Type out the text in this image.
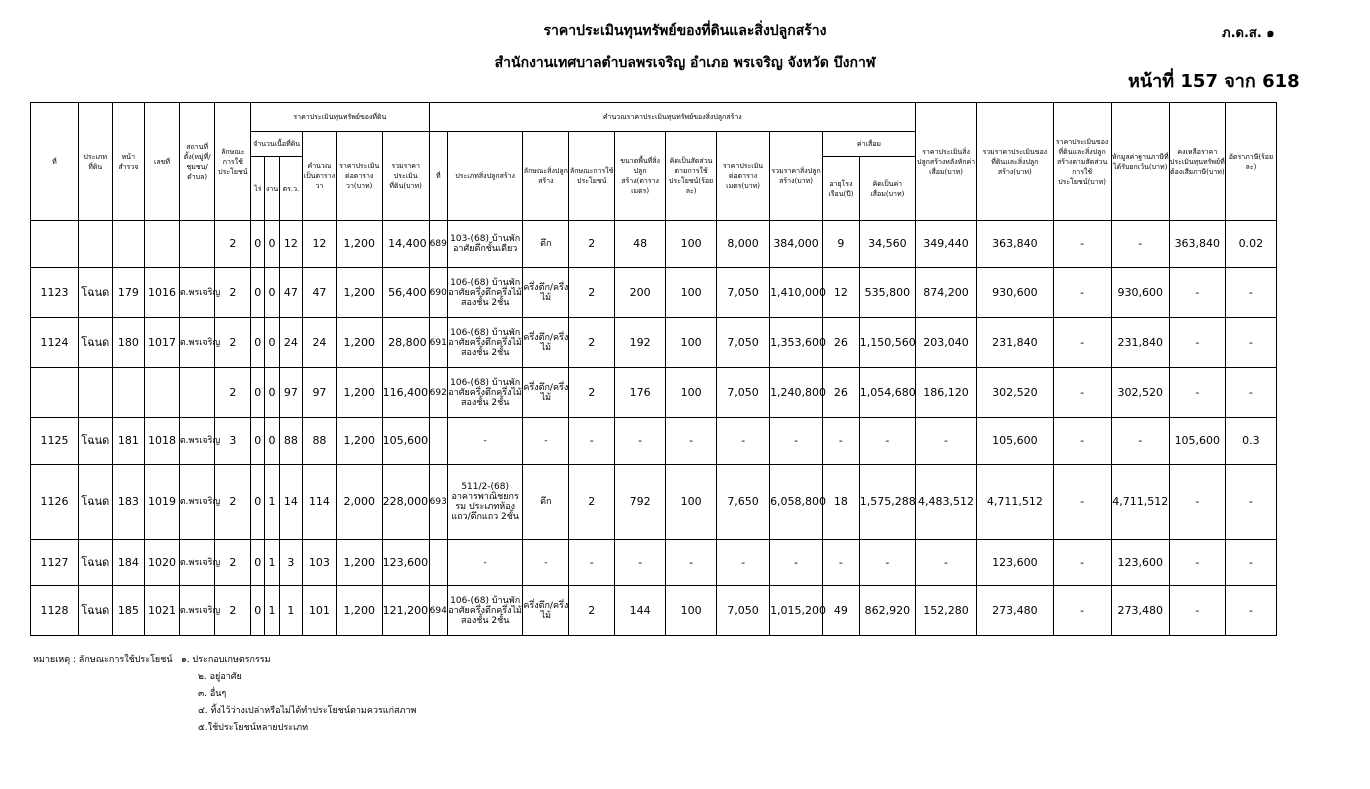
ราคาประเมินทุนทรัพย์ของที่ดินและสิ่งปลูกสร้าง
สำนักงานเทศบาลตำบลพรเจริญ อำเภอ พรเจริญ จังหวัด บึงกาฬ
ภ.ด.ส. ๑
หน้าที่ 157 จาก 618
ที่	ประเภทที่ดิน	หน้าสำรวจ	เลขที่	สถานที่ตั้ง(หมู่ที่/ชุมชน/ตำบล)	ลักษณะการใช้ประโยชน์	ราคาประเมินทุนทรัพย์ของที่ดิน						คำนวณราคาประเมินทุนทรัพย์ของสิ่งปลูกสร้าง										ราคาประเมินสิ่งปลูกสร้างหลังหักค่าเสื่อม(บาท)	รวมราคาประเมินของที่ดินและสิ่งปลูกสร้าง(บาท)	ราคาประเมินของที่ดินและสิ่งปลูกสร้างตามสัดส่วนการใช้ประโยชน์(บาท)	หักมูลค่าฐานภาษีที่ได้รับยกเว้น(บาท)	คงเหลือราคาประเมินทุนทรัพย์ที่ต้องเสียภาษี(บาท)	อัตราภาษี(ร้อยละ)
						จำนวนเนื้อที่ดิน			คำนวณเป็นตารางวา	ราคาประเมินต่อตารางวา(บาท)	รวมราคาประเมินที่ดิน(บาท)	ที่	ประเภทสิ่งปลูกสร้าง	ลักษณะสิ่งปลูกสร้าง	ลักษณะการใช้ประโยชน์	ขนาดพื้นที่สิ่งปลูกสร้าง(ตารางเมตร)	คิดเป็นสัดส่วนตามการใช้ประโยชน์(ร้อยละ)	ราคาประเมินต่อตารางเมตร(บาท)	รวมราคาสิ่งปลูกสร้าง(บาท)	ค่าเสื่อม							
						ไร่	งาน	ตร.ว.												อายุโรงเรือน(ปี)	คิดเป็นค่าเสื่อม(บาท)						
					2	0	0	12	12	1,200	14,400	689	103-(68) บ้านพักอาศัยตึกชั้นเดียว	ตึก	2	48	100	8,000	384,000	9	34,560	349,440	363,840	-	-	363,840	0.02
1123	โฉนด	179	1016	ต.พรเจริญ	2	0	0	47	47	1,200	56,400	690	106-(68) บ้านพักอาศัยครึ่งตึกครึ่งไม้สองชั้น 2ชั้น	ครึ่งตึก/ครึ่งไม้	2	200	100	7,050	1,410,000	12	535,800	874,200	930,600	-	930,600	-	-
1124	โฉนด	180	1017	ต.พรเจริญ	2	0	0	24	24	1,200	28,800	691	106-(68) บ้านพักอาศัยครึ่งตึกครึ่งไม้สองชั้น 2ชั้น	ครึ่งตึก/ครึ่งไม้	2	192	100	7,050	1,353,600	26	1,150,560	203,040	231,840	-	231,840	-	-
					2	0	0	97	97	1,200	116,400	692	106-(68) บ้านพักอาศัยครึ่งตึกครึ่งไม้สองชั้น 2ชั้น	ครึ่งตึก/ครึ่งไม้	2	176	100	7,050	1,240,800	26	1,054,680	186,120	302,520	-	302,520	-	-
1125	โฉนด	181	1018	ต.พรเจริญ	3	0	0	88	88	1,200	105,600		-	-	-	-	-	-	-	-	-	-	105,600	-	-	105,600	0.3
1126	โฉนด	183	1019	ต.พรเจริญ	2	0	1	14	114	2,000	228,000	693	511/2-(68) อาคารพาณิชยกรรม ประเภทห้องแถว/ตึกแถว 2ชั้น	ตึก	2	792	100	7,650	6,058,800	18	1,575,288	4,483,512	4,711,512	-	4,711,512	-	-
1127	โฉนด	184	1020	ต.พรเจริญ	2	0	1	3	103	1,200	123,600		-	-	-	-	-	-	-	-	-	-	123,600	-	123,600	-	-
1128	โฉนด	185	1021	ต.พรเจริญ	2	0	1	1	101	1,200	121,200	694	106-(68) บ้านพักอาศัยครึ่งตึกครึ่งไม้สองชั้น 2ชั้น	ครึ่งตึก/ครึ่งไม้	2	144	100	7,050	1,015,200	49	862,920	152,280	273,480	-	273,480	-	-
หมายเหตุ : ลักษณะการใช้ประโยชน์ ๑. ประกอบเกษตรกรรม
๒. อยู่อาศัย
๓. อื่นๆ
๔. ทิ้งไว้ว่างเปล่าหรือไม่ได้ทำประโยชน์ตามควรแก่สภาพ
๕.ใช้ประโยชน์หลายประเภท
